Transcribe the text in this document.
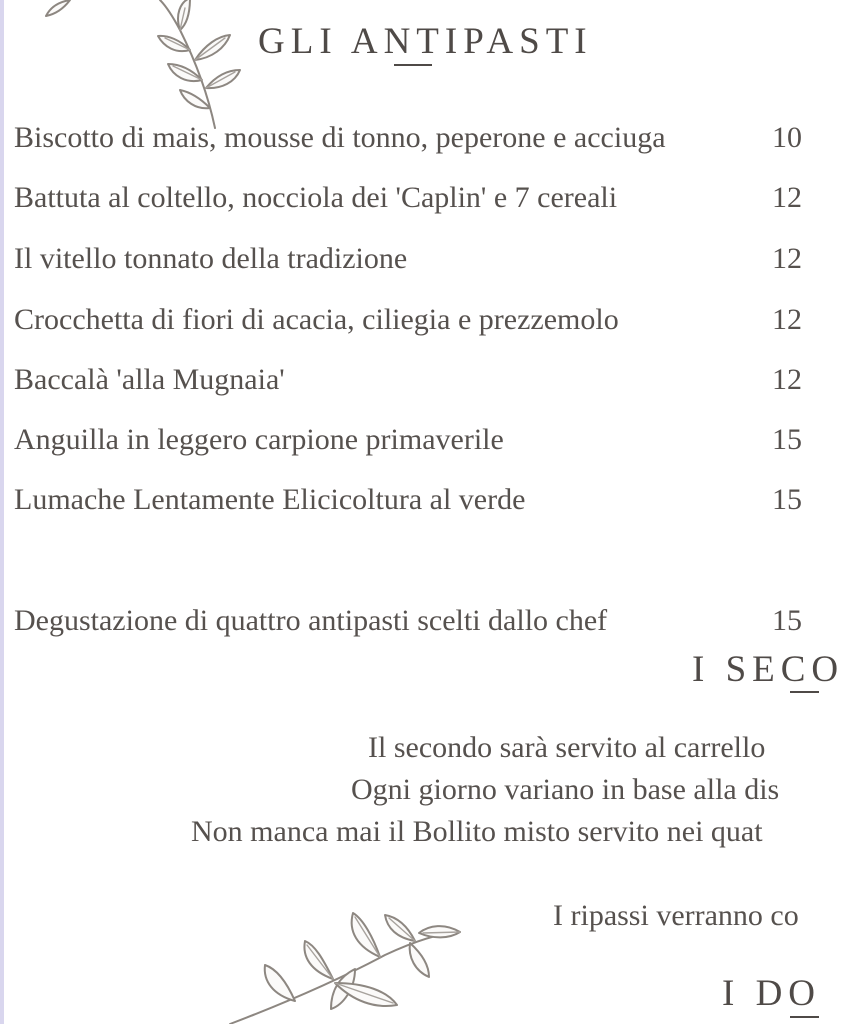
GLI ANTIPASTI
Biscotto di mais, mousse di tonno, peperone e acciuga	10
Battuta al coltello, nocciola dei 'Caplin' e 7 cereali	12
Il vitello tonnato della tradizione	12
Crocchetta di fiori di acacia, ciliegia e prezzemolo	12
Baccalà 'alla Mugnaia'	12
Anguilla in leggero carpione primaverile	15
Lumache Lentamente Elicicoltura al verde	15
Degustazione di quattro antipasti scelti dallo chef	15
I SECO
Il secondo sarà servito al carrello
Ogni giorno variano in base alla dis
Non manca mai il Bollito misto servito nei quat
I ripassi verranno co
I DO
